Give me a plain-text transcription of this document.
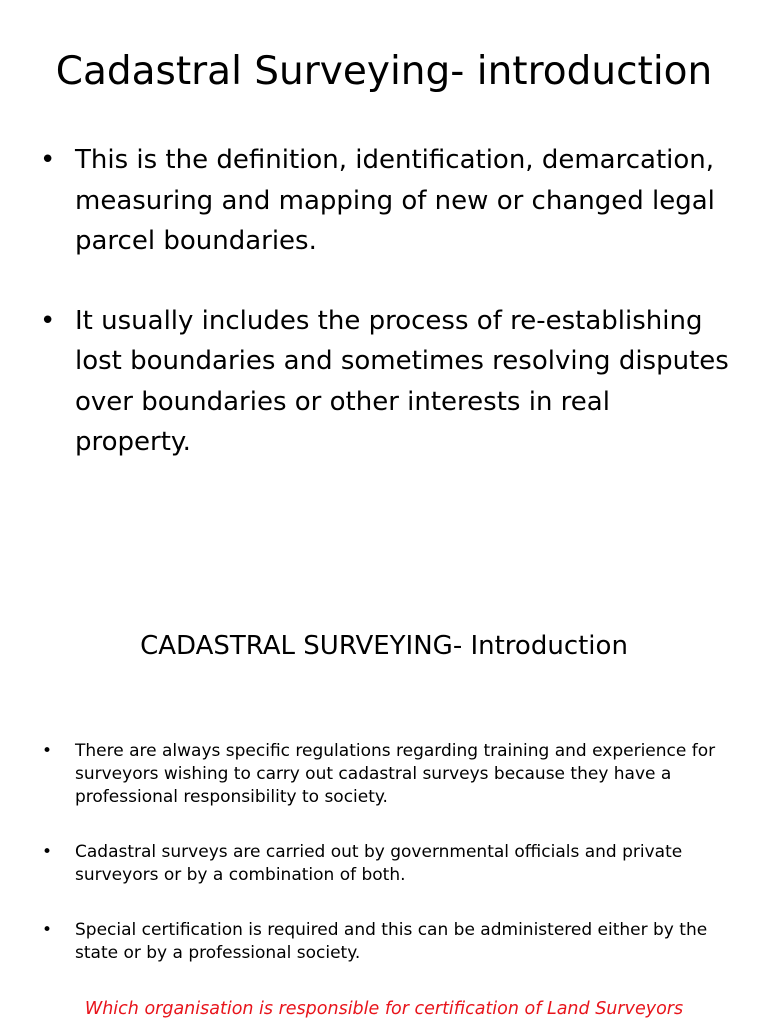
Cadastral Surveying- introduction
• This is the definition, identification, demarcation, measuring and mapping of new or changed legal parcel boundaries.
• It usually includes the process of re-establishing lost boundaries and sometimes resolving disputes over boundaries or other interests in real property.
CADASTRAL SURVEYING- Introduction
• There are always specific regulations regarding training and experience for surveyors wishing to carry out cadastral surveys because they have a professional responsibility to society.
• Cadastral surveys are carried out by governmental officials and private surveyors or by a combination of both.
• Special certification is required and this can be administered either by the state or by a professional society.

Which organisation is responsible for certification of Land Surveyors
